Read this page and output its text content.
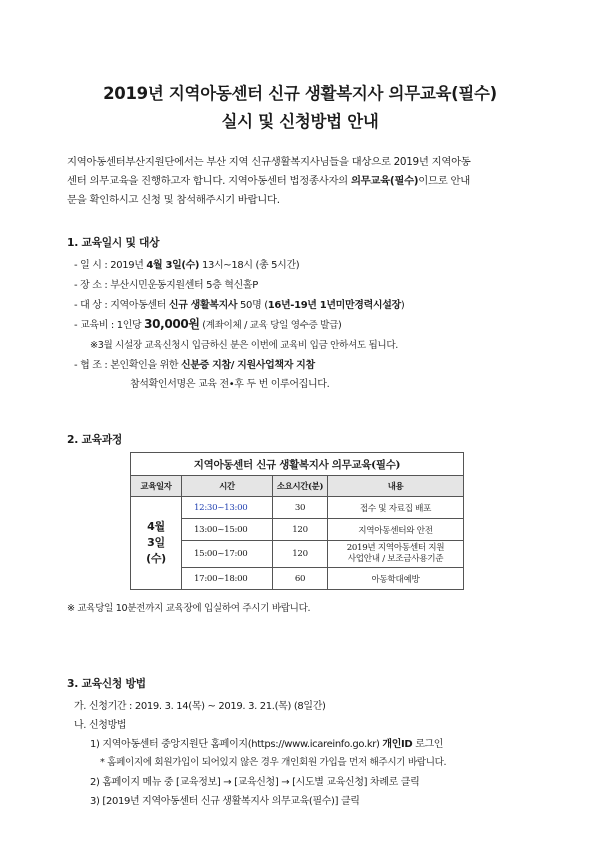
2019년 지역아동센터 신규 생활복지사 의무교육(필수)
실시 및 신청방법 안내
지역아동센터부산지원단에서는 부산 지역 신규생활복지사님들을 대상으로 2019년 지역아동
센터 의무교육을 진행하고자 합니다. 지역아동센터 법정종사자의 의무교육(필수)이므로 안내
문을 확인하시고 신청 및 참석해주시기 바랍니다.
1. 교육일시 및 대상
- 일 시 : 2019년 4월 3일(수) 13시~18시 (총 5시간)
- 장 소 : 부산시민운동지원센터 5층 혁신홀P
- 대 상 : 지역아동센터 신규 생활복지사 50명 (16년-19년 1년미만경력시설장)
- 교육비 : 1인당 30,000원 (계좌이체 / 교육 당일 영수증 발급)
※3월 시설장 교육신청시 입금하신 분은 이번에 교육비 입금 안하셔도 됩니다.
- 협 조 : 본인확인을 위한 신분증 지참/ 지원사업책자 지참
참석확인서명은 교육 전•후 두 번 이루어집니다.
2. 교육과정
지역아동센터 신규 생활복지사 의무교육(필수)			
교육일자	시간	소요시간(분)	내용

4월
3일
(수)	12:30~13:00	30	접수 및 자료집 배포
	13:00~15:00	120	지역아동센터와 안전
	15:00~17:00	120	2019년 지역아동센터 지원
사업안내 / 보조금사용기준

	17:00~18:00	60	아동학대예방
※ 교육당일 10분전까지 교육장에 입실하여 주시기 바랍니다.
3. 교육신청 방법
가. 신청기간 : 2019. 3. 14(목) ~ 2019. 3. 21.(목) (8일간)
나. 신청방법
1) 지역아동센터 중앙지원단 홈페이지(https://www.icareinfo.go.kr) 개인ID 로그인
* 홈페이지에 회원가입이 되어있지 않은 경우 개인회원 가입을 먼저 해주시기 바랍니다.
2) 홈페이지 메뉴 중 [교육정보] → [교육신청] → [시도별 교육신청] 차례로 클릭
3) [2019년 지역아동센터 신규 생활복지사 의무교육(필수)] 클릭
